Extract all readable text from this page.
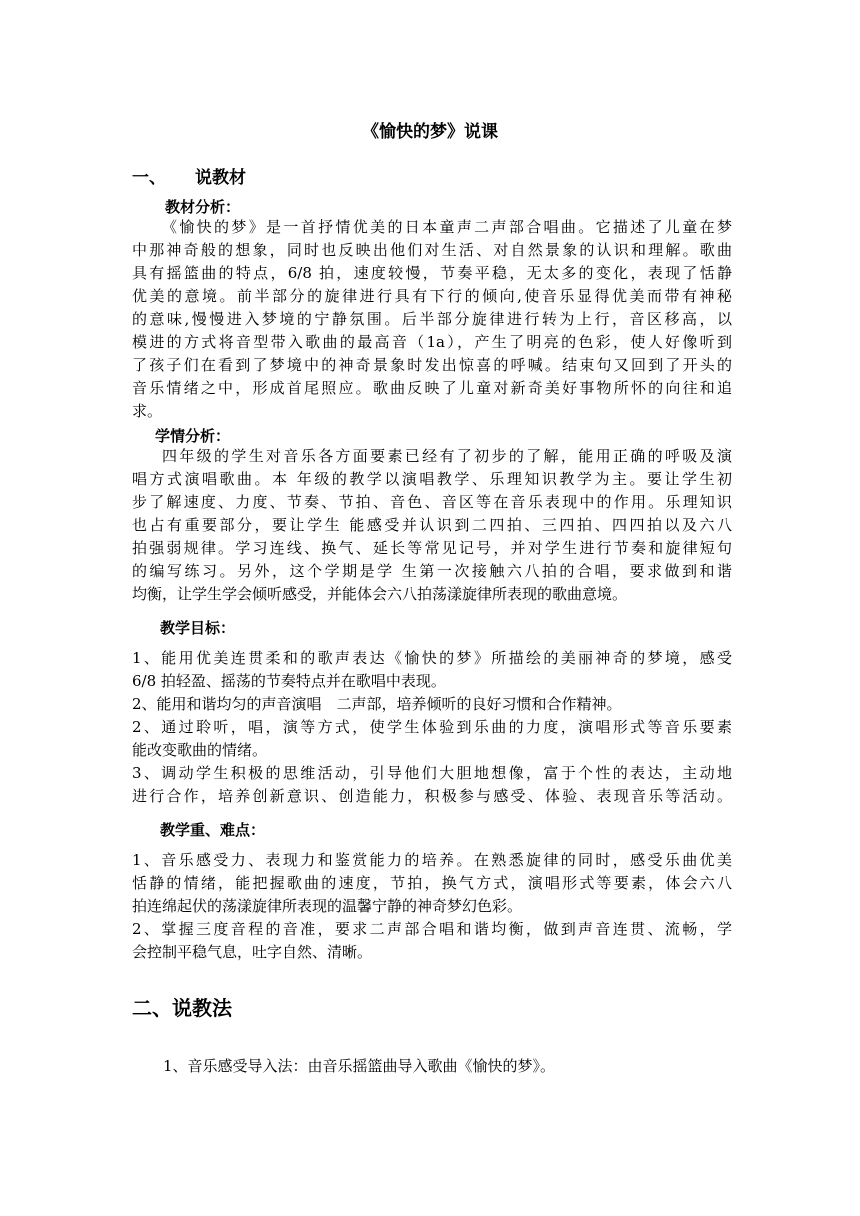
《愉快的梦》说课
一、 说教材
教材分析：
《愉快的梦》是一首抒情优美的日本童声二声部合唱曲。它描述了儿童在梦
中那神奇般的想象，同时也反映出他们对生活、对自然景象的认识和理解。歌曲
具有摇篮曲的特点，6/8 拍，速度较慢，节奏平稳，无太多的变化，表现了恬静
优美的意境。前半部分的旋律进行具有下行的倾向,使音乐显得优美而带有神秘
的意味,慢慢进入梦境的宁静氛围。后半部分旋律进行转为上行，音区移高，以
模进的方式将音型带入歌曲的最高音（1a），产生了明亮的色彩，使人好像听到
了孩子们在看到了梦境中的神奇景象时发出惊喜的呼喊。结束句又回到了开头的
音乐情绪之中，形成首尾照应。歌曲反映了儿童对新奇美好事物所怀的向往和追
求。
学情分析：
四年级的学生对音乐各方面要素已经有了初步的了解，能用正确的呼吸及演
唱方式演唱歌曲。本 年级的教学以演唱教学、乐理知识教学为主。要让学生初
步了解速度、力度、节奏、节拍、音色、音区等在音乐表现中的作用。乐理知识
也占有重要部分，要让学生 能感受并认识到二四拍、三四拍、四四拍以及六八
拍强弱规律。学习连线、换气、延长等常见记号，并对学生进行节奏和旋律短句
的编写练习。另外，这个学期是学 生第一次接触六八拍的合唱，要求做到和谐
均衡，让学生学会倾听感受，并能体会六八拍荡漾旋律所表现的歌曲意境。
教学目标：
1、能用优美连贯柔和的歌声表达《愉快的梦》所描绘的美丽神奇的梦境，感受
6/8 拍轻盈、摇荡的节奏特点并在歌唱中表现。
2、能用和谐均匀的声音演唱　二声部，培养倾听的良好习惯和合作精神。
2、通过聆听，唱，演等方式，使学生体验到乐曲的力度，演唱形式等音乐要素
能改变歌曲的情绪。
3、调动学生积极的思维活动，引导他们大胆地想像，富于个性的表达，主动地
进行合作，培养创新意识、创造能力，积极参与感受、体验、表现音乐等活动。
教学重、难点：
1、音乐感受力、表现力和鉴赏能力的培养。在熟悉旋律的同时，感受乐曲优美
恬静的情绪，能把握歌曲的速度，节拍，换气方式，演唱形式等要素，体会六八
拍连绵起伏的荡漾旋律所表现的温馨宁静的神奇梦幻色彩。
2、掌握三度音程的音准，要求二声部合唱和谐均衡，做到声音连贯、流畅，学
会控制平稳气息，吐字自然、清晰。
二、说教法
1、音乐感受导入法：由音乐摇篮曲导入歌曲《愉快的梦》。
